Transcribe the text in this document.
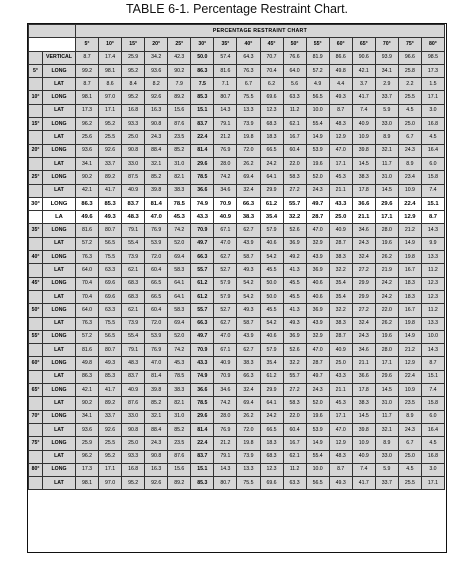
TABLE 6-1. Percentage Restraint Chart.
		PERCENTAGE RESTRAINT CHART															
		5°	10°	15°	20°	25°	30°	35°	40°	45°	50°	55°	60°	65°	70°	75°	80°
	VERTICAL	8.7	17.4	25.9	34.2	42.3	50.0	57.4	64.3	70.7	76.6	81.9	86.6	90.6	93.9	96.6	98.5
5°	LONG	99.2	98.1	95.2	93.6	90.2	86.3	81.6	76.3	70.4	64.0	57.2	49.8	42.1	34.1	25.8	17.3
	LAT	8.7	8.6	8.4	8.2	7.9	7.5	7.1	6.7	6.2	5.6	4.9	4.4	3.7	2.9	2.2	1.5
10°	LONG	98.1	97.0	95.2	92.6	89.2	85.3	80.7	75.5	69.6	63.3	56.5	49.3	41.7	33.7	25.5	17.1
	LAT	17.3	17.1	16.8	16.3	15.6	15.1	14.3	13.3	12.3	11.2	10.0	8.7	7.4	5.9	4.5	3.0
15°	LONG	96.2	95.2	93.3	90.8	87.6	83.7	79.1	73.9	68.3	62.1	55.4	48.3	40.9	33.0	25.0	16.8
	LAT	25.6	25.5	25.0	24.3	23.5	22.4	21.2	19.8	18.3	16.7	14.9	12.9	10.9	8.9	6.7	4.5
20°	LONG	93.6	92.6	90.8	88.4	85.2	81.4	76.9	72.0	66.5	60.4	53.9	47.0	39.8	32.1	24.3	16.4
	LAT	34.1	33.7	33.0	32.1	31.0	29.6	28.0	26.2	24.2	22.0	19.6	17.1	14.5	11.7	8.9	6.0
25°	LONG	90.2	89.2	87.5	85.2	82.1	78.5	74.2	69.4	64.1	58.3	52.0	45.3	38.3	31.0	23.4	15.8
	LAT	42.1	41.7	40.9	39.8	38.3	36.6	34.6	32.4	29.9	27.2	24.3	21.1	17.8	14.5	10.9	7.4
30°	LONG	86.3	85.3	83.7	81.4	78.5	74.9	70.9	66.3	61.2	55.7	49.7	43.3	36.6	29.6	22.4	15.1
	LA	49.6	49.3	48.3	47.0	45.3	43.3	40.9	38.3	35.4	32.2	28.7	25.0	21.1	17.1	12.9	8.7
35°	LONG	81.6	80.7	79.1	76.9	74.2	70.9	67.1	62.7	57.9	52.6	47.0	40.9	34.6	28.0	21.2	14.3
	LAT	57.2	56.5	55.4	53.9	52.0	49.7	47.0	43.9	40.6	36.9	32.9	28.7	24.3	19.6	14.9	9.9
40°	LONG	76.3	75.5	73.9	72.0	69.4	66.3	62.7	58.7	54.2	49.2	43.9	38.3	32.4	26.2	19.8	13.3
	LAT	64.0	63.3	62.1	60.4	58.3	55.7	52.7	49.3	45.5	41.3	36.9	32.2	27.2	21.9	16.7	11.2
45°	LONG	70.4	69.6	68.3	66.5	64.1	61.2	57.9	54.2	50.0	45.5	40.6	35.4	29.9	24.2	18.3	12.3
	LAT	70.4	69.6	68.3	66.5	64.1	61.2	57.9	54.2	50.0	45.5	40.6	35.4	29.9	24.2	18.3	12.3
50°	LONG	64.0	63.3	62.1	60.4	58.3	55.7	52.7	49.3	45.5	41.3	36.9	32.2	27.2	22.0	16.7	11.2
	LAT	76.3	75.5	73.9	72.0	69.4	66.3	62.7	58.7	54.2	49.3	43.9	38.3	32.4	26.2	19.8	13.3
55°	LONG	57.2	56.5	55.4	53.9	52.0	49.7	47.0	43.9	40.6	36.9	32.9	28.7	24.3	19.6	14.9	10.0
	LAT	81.6	80.7	79.1	76.9	74.2	70.9	67.1	62.7	57.9	52.6	47.0	40.9	34.6	28.0	21.2	14.3
60°	LONG	49.8	49.3	48.3	47.0	45.3	43.3	40.9	38.3	35.4	32.2	28.7	25.0	21.1	17.1	12.9	8.7
	LAT	86.3	85.3	83.7	81.4	78.5	74.9	70.9	66.3	61.2	55.7	49.7	43.3	36.6	29.6	22.4	15.1
65°	LONG	42.1	41.7	40.9	39.8	38.3	36.6	34.6	32.4	29.9	27.2	24.3	21.1	17.8	14.5	10.9	7.4
	LAT	90.2	89.2	87.6	85.2	82.1	78.5	74.2	69.4	64.1	58.3	52.0	45.3	38.3	31.0	23.5	15.8
70°	LONG	34.1	33.7	33.0	32.1	31.0	29.6	28.0	26.2	24.2	22.0	19.6	17.1	14.5	11.7	8.9	6.0
	LAT	93.6	92.6	90.8	88.4	85.2	81.4	76.9	72.0	66.5	60.4	53.9	47.0	39.8	32.1	24.3	16.4
75°	LONG	25.9	25.5	25.0	24.3	23.5	22.4	21.2	19.8	18.3	16.7	14.9	12.9	10.9	8.9	6.7	4.5
	LAT	96.2	95.2	93.3	90.8	87.6	83.7	79.1	73.9	68.3	62.1	55.4	48.3	40.9	33.0	25.0	16.8
80°	LONG	17.3	17.1	16.8	16.3	15.6	15.1	14.3	13.3	12.3	11.2	10.0	8.7	7.4	5.9	4.5	3.0
	LAT	98.1	97.0	95.2	92.6	89.2	85.3	80.7	75.5	69.6	63.3	56.5	49.3	41.7	33.7	25.5	17.1
